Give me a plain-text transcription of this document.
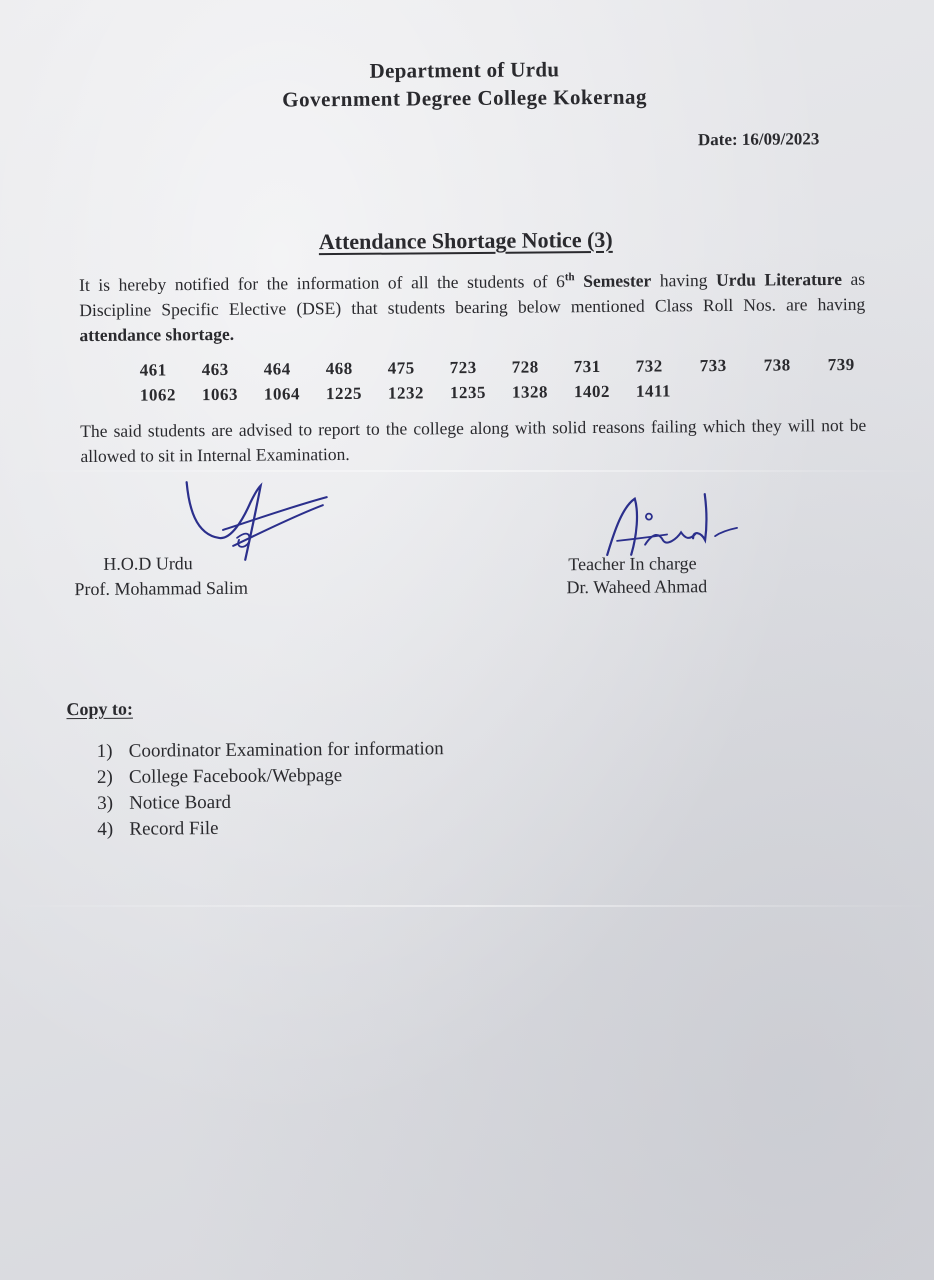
Department of Urdu
Government Degree College Kokernag
Date: 16/09/2023
Attendance Shortage Notice (3)
It is hereby notified for the information of all the students of 6th Semester having Urdu Literature as Discipline Specific Elective (DSE) that students bearing below mentioned Class Roll Nos. are having attendance shortage.
461	463	464	468	475	723	728	731	732	733	738	739
1062	1063	1064	1225	1232	1235	1328	1402	1411
The said students are advised to report to the college along with solid reasons failing which they will not be allowed to sit in Internal Examination.
H.O.D Urdu
Prof. Mohammad Salim
Teacher In charge
Dr. Waheed Ahmad
Copy to:
1) Coordinator Examination for information
2) College Facebook/Webpage
3) Notice Board
4) Record File
